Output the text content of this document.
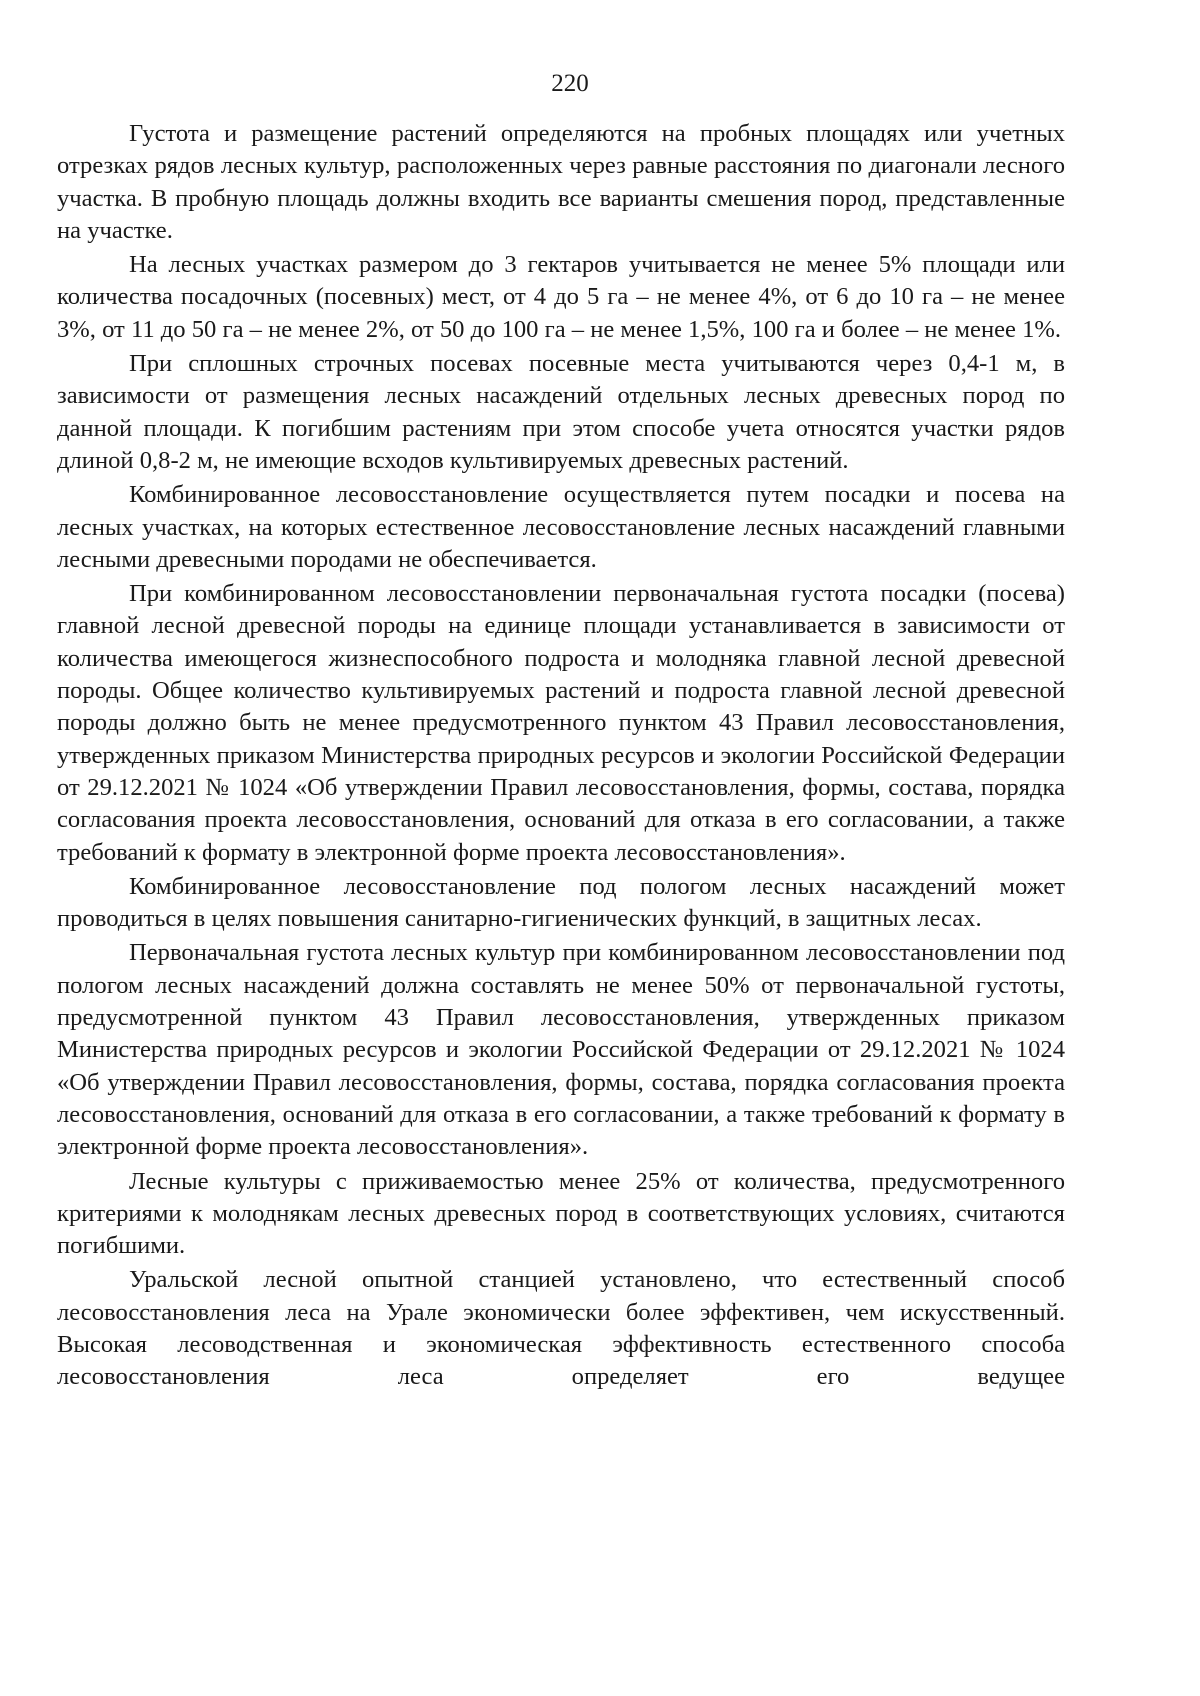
220

Густота и размещение растений определяются на пробных площадях или учетных отрезках рядов лесных культур, расположенных через равные расстояния по диагонали лесного участка. В пробную площадь должны входить все варианты смешения пород, представленные на участке.

На лесных участках размером до 3 гектаров учитывается не менее 5% площади или количества посадочных (посевных) мест, от 4 до 5 га – не менее 4%, от 6 до 10 га – не менее 3%, от 11 до 50 га – не менее 2%, от 50 до 100 га – не менее 1,5%, 100 га и более – не менее 1%.

При сплошных строчных посевах посевные места учитываются через 0,4-1 м, в зависимости от размещения лесных насаждений отдельных лесных древесных пород по данной площади. К погибшим растениям при этом способе учета относятся участки рядов длиной 0,8-2 м, не имеющие всходов культивируемых древесных растений.

Комбинированное лесовосстановление осуществляется путем посадки и посева на лесных участках, на которых естественное лесовосстановление лесных насаждений главными лесными древесными породами не обеспечивается.

При комбинированном лесовосстановлении первоначальная густота посадки (посева) главной лесной древесной породы на единице площади устанавливается в зависимости от количества имеющегося жизнеспособного подроста и молодняка главной лесной древесной породы. Общее количество культивируемых растений и подроста главной лесной древесной породы должно быть не менее предусмотренного пунктом 43 Правил лесовосстановления, утвержденных приказом Министерства природных ресурсов и экологии Российской Федерации от 29.12.2021 № 1024 «Об утверждении Правил лесовосстановления, формы, состава, порядка согласования проекта лесовосстановления, оснований для отказа в его согласовании, а также требований к формату в электронной форме проекта лесовосстановления».

Комбинированное лесовосстановление под пологом лесных насаждений может проводиться в целях повышения санитарно-гигиенических функций, в защитных лесах.

Первоначальная густота лесных культур при комбинированном лесовосстановлении под пологом лесных насаждений должна составлять не менее 50% от первоначальной густоты, предусмотренной пунктом 43 Правил лесовосстановления, утвержденных приказом Министерства природных ресурсов и экологии Российской Федерации от 29.12.2021 № 1024 «Об утверждении Правил лесовосстановления, формы, состава, порядка согласования проекта лесовосстановления, оснований для отказа в его согласовании, а также требований к формату в электронной форме проекта лесовосстановления».

Лесные культуры с приживаемостью менее 25% от количества, предусмотренного критериями к молоднякам лесных древесных пород в соответствующих условиях, считаются погибшими.

Уральской лесной опытной станцией установлено, что естественный способ лесовосстановления леса на Урале экономически более эффективен, чем искусственный. Высокая лесоводственная и экономическая эффективность естественного способа лесовосстановления леса определяет его ведущее
